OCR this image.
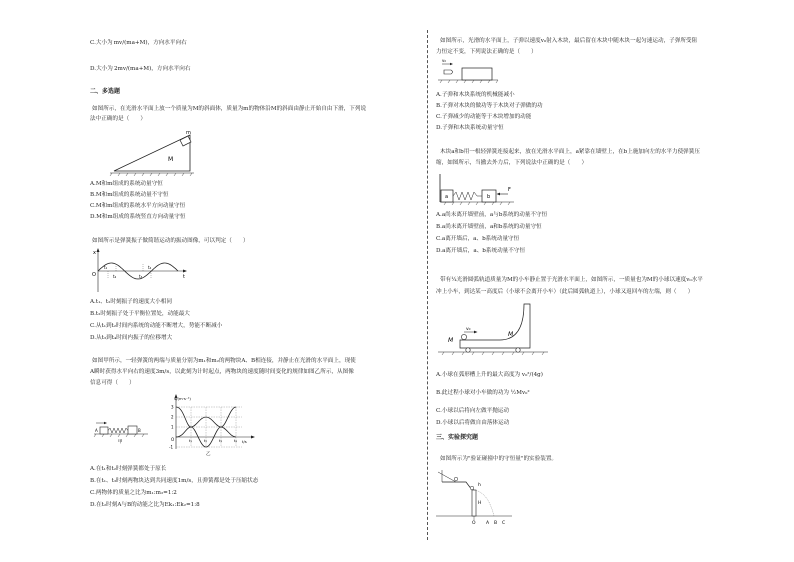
C.大小为 mv/(ma+M)，方向水平向右
D.大小为 2mv/(ma+M)，方向水平向右
二、多选题
如图所示，在光滑水平面上放一个质量为M的斜面体，质量为m的物体沿M的斜面由静止开始自由下滑，下列说
法中正确的是（　　）
M
m
A.M和m组成的系统动量守恒
B.M和m组成的系统动量不守恒
C.M和m组成的系统水平方向动量守恒
D.M和m组成的系统竖直方向动量守恒
如图所示是弹簧振子做简谐运动的振动图像，可以判定（　　）
x
O	t
t₁
t₂	t₃
t₄
A.t₁、t₂时刻振子的速度大小相同
B.t₂时刻振子处于平衡位置处，动能最大
C.从t₁到t₂时间内系统的动能不断增大，势能不断减小
D.从t₃到t₄时间内振子的位移增大
如图甲所示，一轻弹簧的两端与质量分别为m₁和m₂的两物块A、B相连接，并静止在光滑的水平面上，现使
A瞬时获得水平向右的速度3m/s，以此刻为计时起点，两物块的速度随时间变化的规律如图乙所示，从图像
信息可得（　　）
A	B
甲
v/(m·s⁻¹)
t/s
3
2
1
-1
O	t₁	t₂	t₃	t₄
乙
A.在t₁和t₂时刻弹簧都处于原长
B.在t₁、t₃时刻两物块达到共同速度1m/s，且弹簧都是处于压缩状态
C.两物体的质量之比为m₁:m₂=1:2
D.在t₂时刻A与B的动能之比为Ek₁:Ek₂=1:8
如图所示，光滑的水平面上，子弹以速度v₀射入木块，最后留在木块中随木块一起匀速运动，子弹所受阻
力恒定不变，下列说法正确的是（　　）
v₀
A.子弹和木块系统的机械能减小
B.子弹对木块的做功等于木块对子弹做的功
C.子弹减少的动能等于木块增加的动能
D.子弹和木块系统动量守恒
木块a和b用一根轻弹簧连接起来，放在光滑水平面上，a紧靠在墙壁上，在b上施加向左的水平力使弹簧压
缩，如图所示，当撤去外力后，下列说法中正确的是（　　）
a	b
F
A.a尚未离开墙壁前，a与b系统的动量不守恒
B.a尚未离开墙壁前，a和b系统的动量守恒
C.a离开墙后，a、b系统动量守恒
D.a离开墙后，a、b系统动量不守恒
带有¼光滑圆弧轨道质量为M的小车静止置于光滑水平面上，如图所示，一质量也为M的小球以速度v₀水平
冲上小车，到达某一高度后（小球不会离开小车）（此后圆弧轨道上），小球又返回车的左端，则（　　）
v₀
M
M
A.小球在弧形槽上升的最大高度为 v₀²/(4g)
B.此过程小球对小车做的功为 ½Mv₀²
C.小球以后将向左做平抛运动
D.小球以后将做自由落体运动
三、实验探究题
如图所示为"验证碰撞中的守恒量"的实验装置。
O A B C
H
h
